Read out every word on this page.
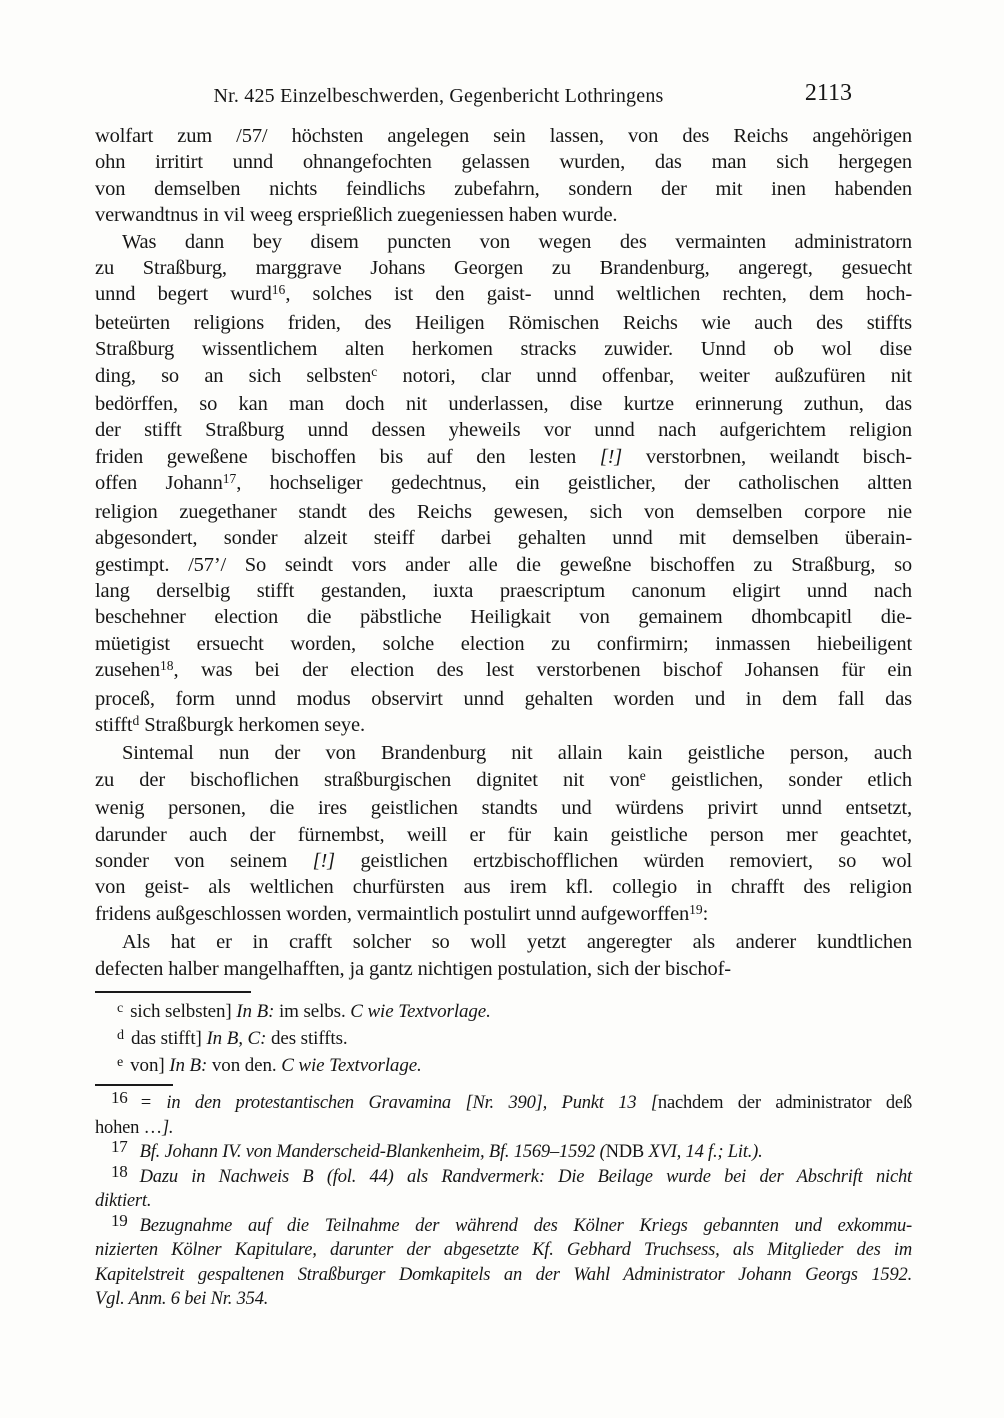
Nr. 425 Einzelbeschwerden, Gegenbericht Lothringens	2113
wolfart zum /57/ höchsten angelegen sein lassen, von des Reichs angehörigen
ohn irritirt unnd ohnangefochten gelassen wurden, das man sich hergegen
von demselben nichts feindlichs zubefahrn, sondern der mit inen habenden
verwandtnus in vil weeg ersprießlich zuegeniessen haben wurde.
Was dann bey disem puncten von wegen des vermainten administratorn
zu Straßburg, marggrave Johans Georgen zu Brandenburg, angeregt, gesuecht
unnd begert wurd$^{16}$, solches ist den gaist- unnd weltlichen rechten, dem hoch-
beteürten religions friden, des Heiligen Römischen Reichs wie auch des stiffts
Straßburg wissentlichem alten herkomen stracks zuwider. Unnd ob wol dise
ding, so an sich selbsten$^c$ notori, clar unnd offenbar, weiter außzufüren nit
bedörffen, so kan man doch nit underlassen, dise kurtze erinnerung zuthun, das
der stifft Straßburg unnd dessen yheweils vor unnd nach aufgerichtem religion
friden geweßene bischoffen bis auf den lesten [!] verstorbnen, weilandt bisch-
offen Johann$^{17}$, hochseliger gedechtnus, ein geistlicher, der catholischen altten
religion zuegethaner standt des Reichs gewesen, sich von demselben corpore nie
abgesondert, sonder alzeit steiff darbei gehalten unnd mit demselben überain-
gestimpt. /57’/ So seindt vors ander alle die geweßne bischoffen zu Straßburg, so
lang derselbig stifft gestanden, iuxta praescriptum canonum eligirt unnd nach
beschehner election die päbstliche Heiligkait von gemainem dhombcapitl die-
müetigist ersuecht worden, solche election zu confirmirn; inmassen hiebeiligent
zusehen$^{18}$, was bei der election des lest verstorbenen bischof Johansen für ein
proceß, form unnd modus observirt unnd gehalten worden und in dem fall das
stifft$^d$ Straßburgk herkomen seye.
Sintemal nun der von Brandenburg nit allain kain geistliche person, auch
zu der bischoflichen straßburgischen dignitet nit von$^e$ geistlichen, sonder etlich
wenig personen, die ires geistlichen standts und würdens privirt unnd entsetzt,
darunder auch der fürnembst, weill er für kain geistliche person mer geachtet,
sonder von seinem [!] geistlichen ertzbischofflichen würden removiert, so wol
von geist- als weltlichen churfürsten aus irem kfl. collegio in chrafft des religion
fridens außgeschlossen worden, vermaintlich postulirt unnd aufgeworffen$^{19}$:
Als hat er in crafft solcher so woll yetzt angeregter als anderer kundtlichen
defecten halber mangelhafften, ja gantz nichtigen postulation, sich der bischof-
$^c$ sich selbsten] In B: im selbs. C wie Textvorlage.
$^d$ das stifft] In B, C: des stiffts.
$^e$ von] In B: von den. C wie Textvorlage.
16 = in den protestantischen Gravamina [Nr. 390], Punkt 13 [nachdem der administrator deß
hohen …].
17 Bf. Johann IV. von Manderscheid-Blankenheim, Bf. 1569–1592 (NDB XVI, 14 f.; Lit.).
18 Dazu in Nachweis B (fol. 44) als Randvermerk: Die Beilage wurde bei der Abschrift nicht
diktiert.
19 Bezugnahme auf die Teilnahme der während des Kölner Kriegs gebannten und exkommu-
nizierten Kölner Kapitulare, darunter der abgesetzte Kf. Gebhard Truchsess, als Mitglieder des im
Kapitelstreit gespaltenen Straßburger Domkapitels an der Wahl Administrator Johann Georgs 1592.
Vgl. Anm. 6 bei Nr. 354.
